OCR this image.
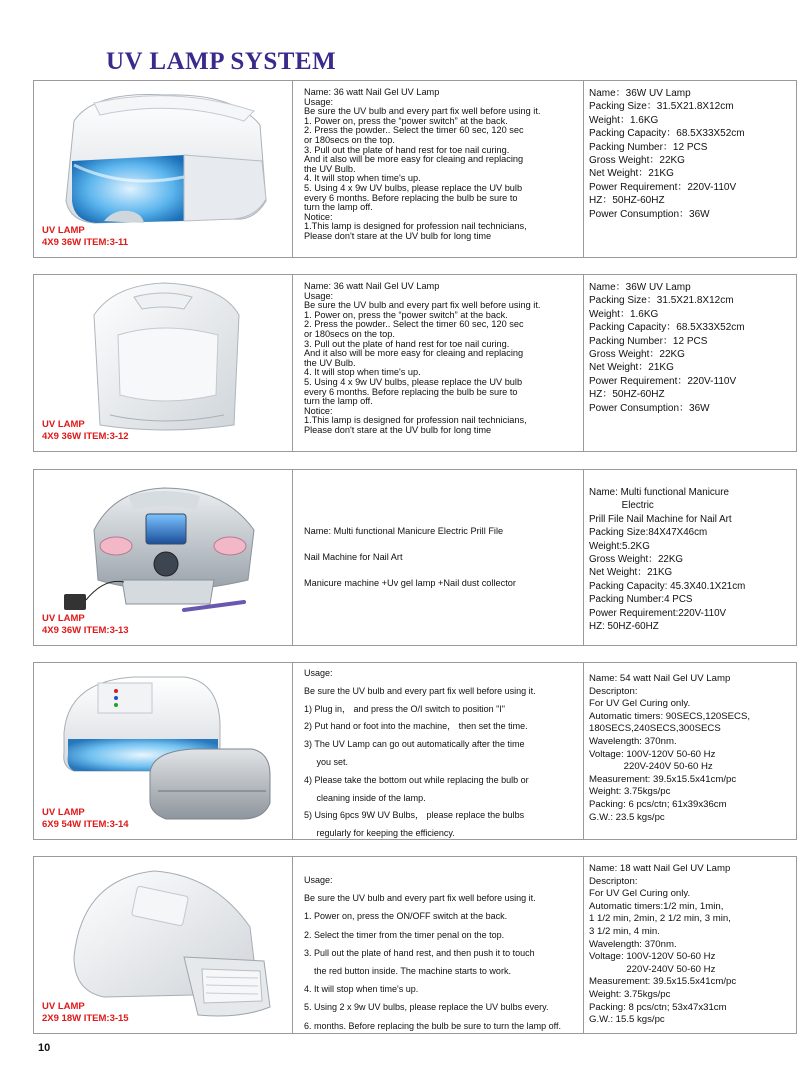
UV LAMP SYSTEM
UV LAMP
4X9 36W ITEM:3-11
Name: 36 watt Nail Gel UV Lamp
Usage:
Be sure the UV bulb and every part fix well before using it.
1. Power on, press the “power switch” at the back.
2. Press the powder.. Select the timer 60 sec, 120 sec
or 180secs on the top.
3. Pull out the plate of hand rest for toe nail curing.
And it also will be more easy for cleaing and replacing
the UV Bulb.
4. It will stop when time's up.
5. Using 4 x 9w UV bulbs, please replace the UV bulb
every 6 months. Before replacing the bulb be sure to
turn the lamp off.
Notice:
1.This lamp is designed for profession nail technicians,
Please don't stare at the UV bulb for long time
Name：36W UV Lamp
Packing Size：31.5X21.8X12cm
Weight：1.6KG
Packing Capacity：68.5X33X52cm
Packing Number：12 PCS
Gross Weight：22KG
Net Weight：21KG
Power Requirement：220V-110V
HZ：50HZ-60HZ
Power Consumption：36W
UV LAMP
4X9 36W ITEM:3-12
Name: 36 watt Nail Gel UV Lamp
Usage:
Be sure the UV bulb and every part fix well before using it.
1. Power on, press the “power switch” at the back.
2. Press the powder.. Select the timer 60 sec, 120 sec
or 180secs on the top.
3. Pull out the plate of hand rest for toe nail curing.
And it also will be more easy for cleaing and replacing
the UV Bulb.
4. It will stop when time's up.
5. Using 4 x 9w UV bulbs, please replace the UV bulb
every 6 months. Before replacing the bulb be sure to
turn the lamp off.
Notice:
1.This lamp is designed for profession nail technicians,
Please don't stare at the UV bulb for long time
Name：36W UV Lamp
Packing Size：31.5X21.8X12cm
Weight：1.6KG
Packing Capacity：68.5X33X52cm
Packing Number：12 PCS
Gross Weight：22KG
Net Weight：21KG
Power Requirement：220V-110V
HZ：50HZ-60HZ
Power Consumption：36W
UV LAMP
4X9 36W ITEM:3-13
Name: Multi functional Manicure Electric Prill File

Nail Machine for Nail Art

Manicure machine +Uv gel lamp +Nail dust collector
Name: Multi functional Manicure
Electric
Prill File Nail Machine for Nail Art
Packing Size:84X47X46cm
Weight:5.2KG
Gross Weight：22KG
Net Weight：21KG
Packing Capacity: 45.3X40.1X21cm
Packing Number:4 PCS
Power Requirement:220V-110V
HZ: 50HZ-60HZ
UV LAMP
6X9 54W ITEM:3-14
Usage:
Be sure the UV bulb and every part fix well before using it.
1) Plug in， and press the O/I switch to position "I"
2) Put hand or foot into the machine， then set the time.
3) The UV Lamp can go out automatically after the time
you set.
4) Please take the bottom out while replacing the bulb or
cleaning inside of the lamp.
5) Using 6pcs 9W UV Bulbs， please replace the bulbs
regularly for keeping the efficiency.
Name: 54 watt Nail Gel UV Lamp
Descripton:
For UV Gel Curing only.
Automatic timers: 90SECS,120SECS,
180SECS,240SECS,300SECS
Wavelength: 370nm.
Voltage: 100V-120V 50-60 Hz
220V-240V 50-60 Hz
Measurement: 39.5x15.5x41cm/pc
Weight: 3.75kgs/pc
Packing: 6 pcs/ctn; 61x39x36cm
G.W.: 23.5 kgs/pc
UV LAMP
2X9 18W ITEM:3-15
Usage:
Be sure the UV bulb and every part fix well before using it.
1. Power on, press the ON/OFF switch at the back.
2. Select the timer from the timer penal on the top.
3. Pull out the plate of hand rest, and then push it to touch
the red button inside. The machine starts to work.
4. It will stop when time's up.
5. Using 2 x 9w UV bulbs, please replace the UV bulbs every.
6. months. Before replacing the bulb be sure to turn the lamp off.
Name: 18 watt Nail Gel UV Lamp
Descripton:
For UV Gel Curing only.
Automatic timers:1/2 min, 1min,
1 1/2 min, 2min, 2 1/2 min, 3 min,
3 1/2 min, 4 min.
Wavelength: 370nm.
Voltage: 100V-120V 50-60 Hz
220V-240V 50-60 Hz
Measurement: 39.5x15.5x41cm/pc
Weight: 3.75kgs/pc
Packing: 8 pcs/ctn; 53x47x31cm
G.W.: 15.5 kgs/pc
10
